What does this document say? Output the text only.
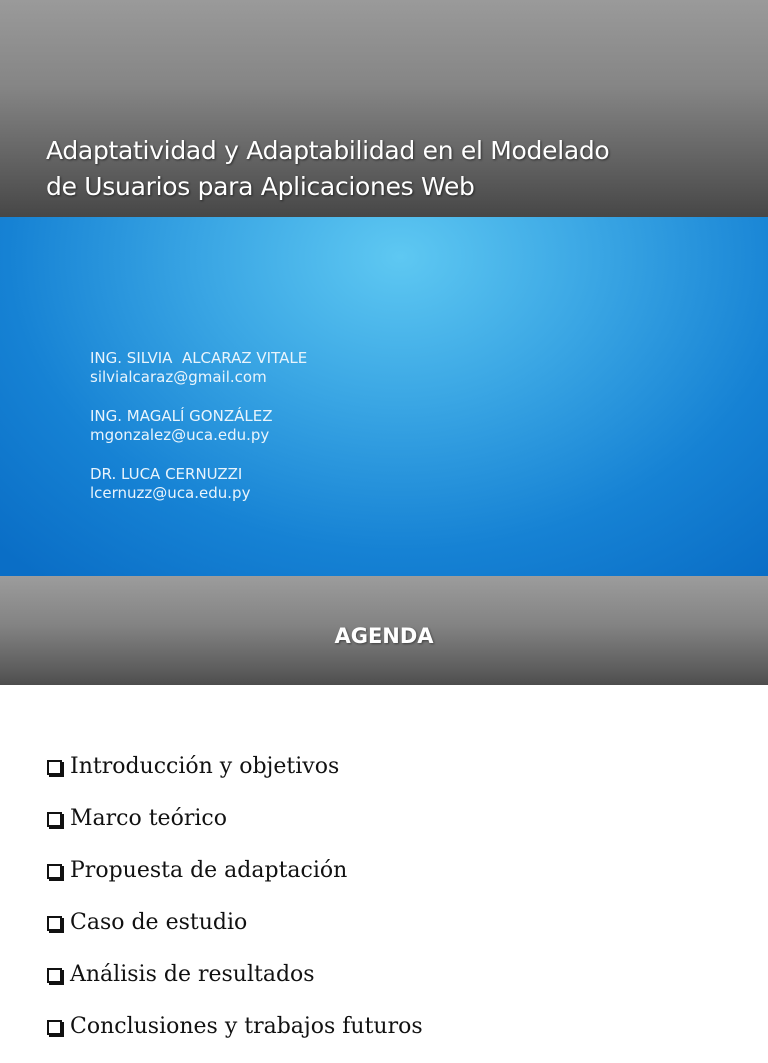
Adaptatividad y Adaptabilidad en el Modelado
de Usuarios para Aplicaciones Web
ING. SILVIA  ALCARAZ VITALE
silvialcaraz@gmail.com
ING. MAGALÍ GONZÁLEZ
mgonzalez@uca.edu.py
DR. LUCA CERNUZZI
lcernuzz@uca.edu.py
AGENDA
Introducción y objetivos
Marco teórico
Propuesta de adaptación
Caso de estudio
Análisis de resultados
Conclusiones y trabajos futuros
